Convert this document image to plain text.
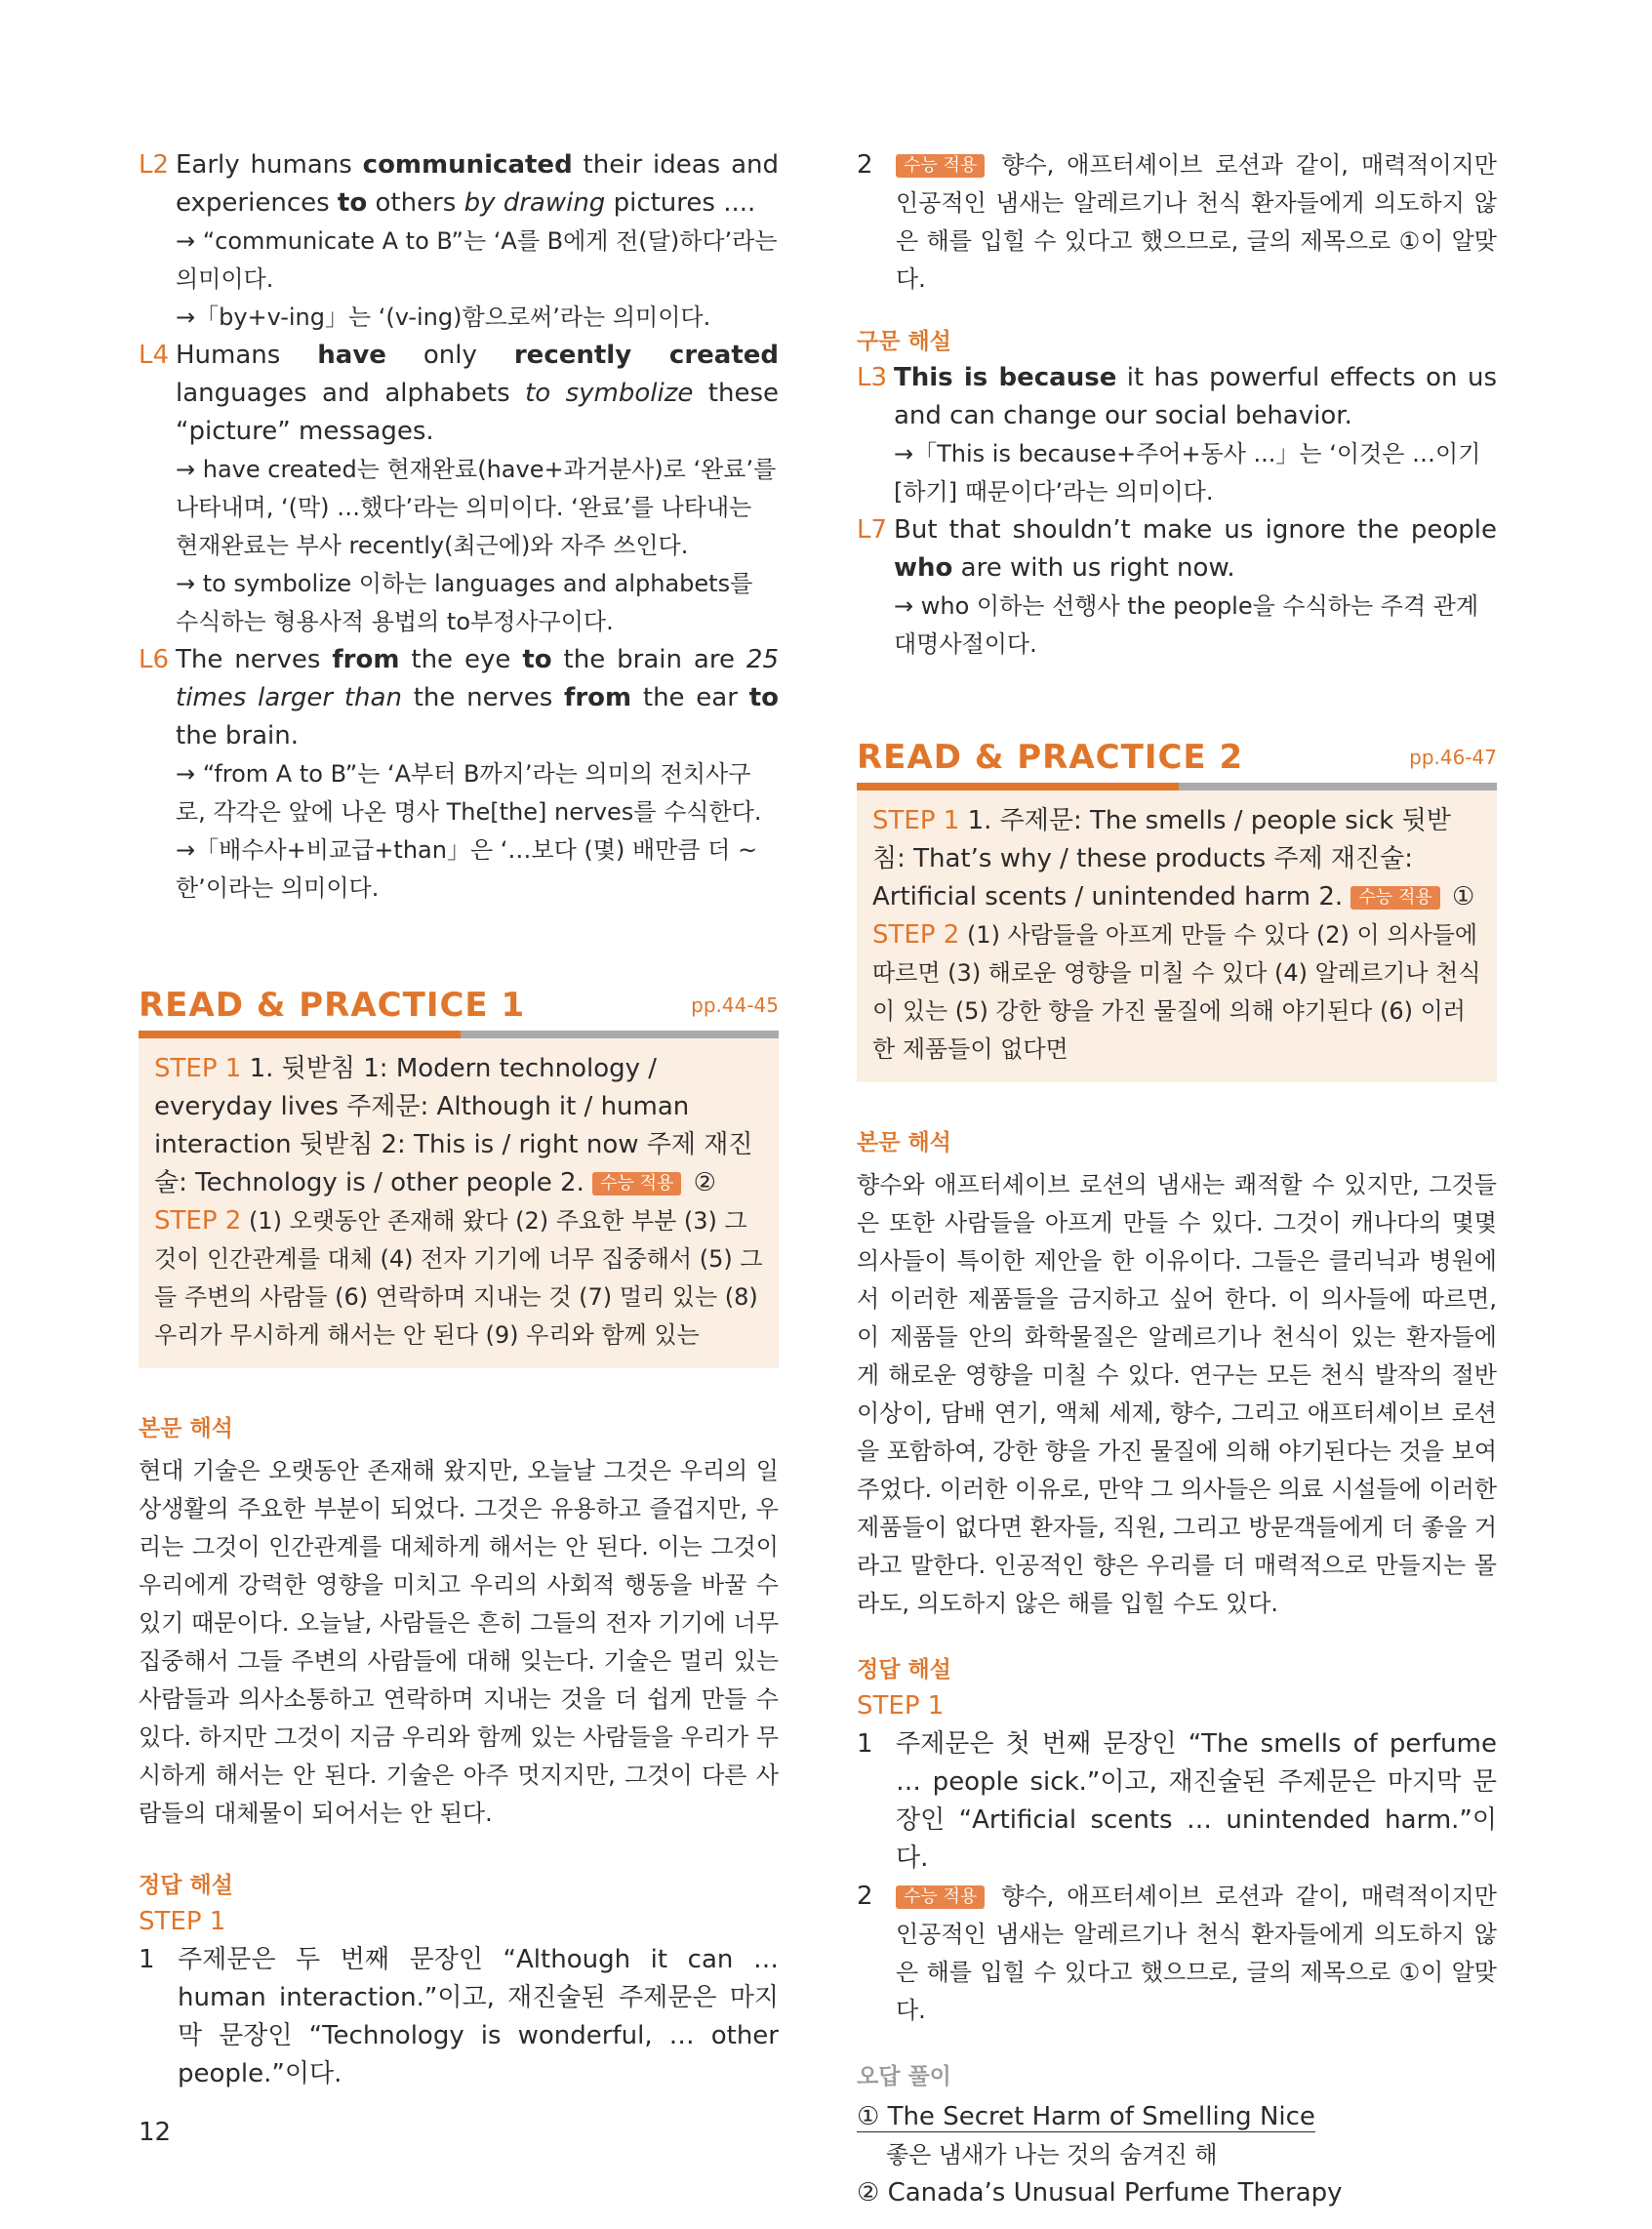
L2 Early humans communicated their ideas and experiences to others by drawing pictures ....

→ “communicate A to B”는 ‘A를 B에게 전(달)하다’라는 의미이다.

→「by+v-ing」는 ‘(v-ing)함으로써’라는 의미이다.

L4 Humans have only recently created languages and alphabets to symbolize these “picture” messages.

→ have created는 현재완료(have+과거분사)로 ‘완료’를 나타내며, ‘(막) …했다’라는 의미이다. ‘완료’를 나타내는 현재완료는 부사 recently(최근에)와 자주 쓰인다.

→ to symbolize 이하는 languages and alphabets를 수식하는 형용사적 용법의 to부정사구이다.

L6 The nerves from the eye to the brain are 25 times larger than the nerves from the ear to the brain.

→ “from A to B”는 ‘A부터 B까지’라는 의미의 전치사구로, 각각은 앞에 나온 명사 The[the] nerves를 수식한다.

→「배수사+비교급+than」은 ‘…보다 (몇) 배만큼 더 ~한’이라는 의미이다.

READ & PRACTICE 1	pp.44-45

STEP 1 1. 뒷받침 1: Modern technology / everyday lives 주제문: Although it / human interaction 뒷받침 2: This is / right now 주제 재진술: Technology is / other people 2. 수능 적용 ②

STEP 2 (1) 오랫동안 존재해 왔다 (2) 주요한 부분 (3) 그것이 인간관계를 대체 (4) 전자 기기에 너무 집중해서 (5) 그들 주변의 사람들 (6) 연락하며 지내는 것 (7) 멀리 있는 (8) 우리가 무시하게 해서는 안 된다 (9) 우리와 함께 있는

본문 해석

현대 기술은 오랫동안 존재해 왔지만, 오늘날 그것은 우리의 일상생활의 주요한 부분이 되었다. 그것은 유용하고 즐겁지만, 우리는 그것이 인간관계를 대체하게 해서는 안 된다. 이는 그것이 우리에게 강력한 영향을 미치고 우리의 사회적 행동을 바꿀 수 있기 때문이다. 오늘날, 사람들은 흔히 그들의 전자 기기에 너무 집중해서 그들 주변의 사람들에 대해 잊는다. 기술은 멀리 있는 사람들과 의사소통하고 연락하며 지내는 것을 더 쉽게 만들 수 있다. 하지만 그것이 지금 우리와 함께 있는 사람들을 우리가 무시하게 해서는 안 된다. 기술은 아주 멋지지만, 그것이 다른 사람들의 대체물이 되어서는 안 된다.

정답 해설

STEP 1

1 주제문은 두 번째 문장인 “Although it can … human interaction.”이고, 재진술된 주제문은 마지막 문장인 “Technology is wonderful, … other people.”이다.

2	수능 적용 향수, 애프터셰이브 로션과 같이, 매력적이지만 인공적인 냄새는 알레르기나 천식 환자들에게 의도하지 않은 해를 입힐 수 있다고 했으므로, 글의 제목으로 ①이 알맞다.

구문 해설

L3 This is because it has powerful effects on us and can change our social behavior.

→「This is because+주어+동사 ...」는 ‘이것은 …이기[하기] 때문이다’라는 의미이다.

L7 But that shouldn’t make us ignore the people who are with us right now.

→ who 이하는 선행사 the people을 수식하는 주격 관계대명사절이다.

READ & PRACTICE 2	pp.46-47

STEP 1 1. 주제문: The smells / people sick 뒷받침: That’s why / these products 주제 재진술: Artificial scents / unintended harm 2. 수능 적용 ①

STEP 2 (1) 사람들을 아프게 만들 수 있다 (2) 이 의사들에 따르면 (3) 해로운 영향을 미칠 수 있다 (4) 알레르기나 천식이 있는 (5) 강한 향을 가진 물질에 의해 야기된다 (6) 이러한 제품들이 없다면

본문 해석

향수와 애프터셰이브 로션의 냄새는 쾌적할 수 있지만, 그것들은 또한 사람들을 아프게 만들 수 있다. 그것이 캐나다의 몇몇 의사들이 특이한 제안을 한 이유이다. 그들은 클리닉과 병원에서 이러한 제품들을 금지하고 싶어 한다. 이 의사들에 따르면, 이 제품들 안의 화학물질은 알레르기나 천식이 있는 환자들에게 해로운 영향을 미칠 수 있다. 연구는 모든 천식 발작의 절반 이상이, 담배 연기, 액체 세제, 향수, 그리고 애프터셰이브 로션을 포함하여, 강한 향을 가진 물질에 의해 야기된다는 것을 보여주었다. 이러한 이유로, 만약 그 의사들은 의료 시설들에 이러한 제품들이 없다면 환자들, 직원, 그리고 방문객들에게 더 좋을 거라고 말한다. 인공적인 향은 우리를 더 매력적으로 만들지는 몰라도, 의도하지 않은 해를 입힐 수도 있다.

정답 해설

STEP 1

1 주제문은 첫 번째 문장인 “The smells of perfume … people sick.”이고, 재진술된 주제문은 마지막 문장인 “Artificial scents … unintended harm.”이다.

2	수능 적용 향수, 애프터셰이브 로션과 같이, 매력적이지만 인공적인 냄새는 알레르기나 천식 환자들에게 의도하지 않은 해를 입힐 수 있다고 했으므로, 글의 제목으로 ①이 알맞다.

오답 풀이

① The Secret Harm of Smelling Nice

좋은 냄새가 나는 것의 숨겨진 해

② Canada’s Unusual Perfume Therapy

12
